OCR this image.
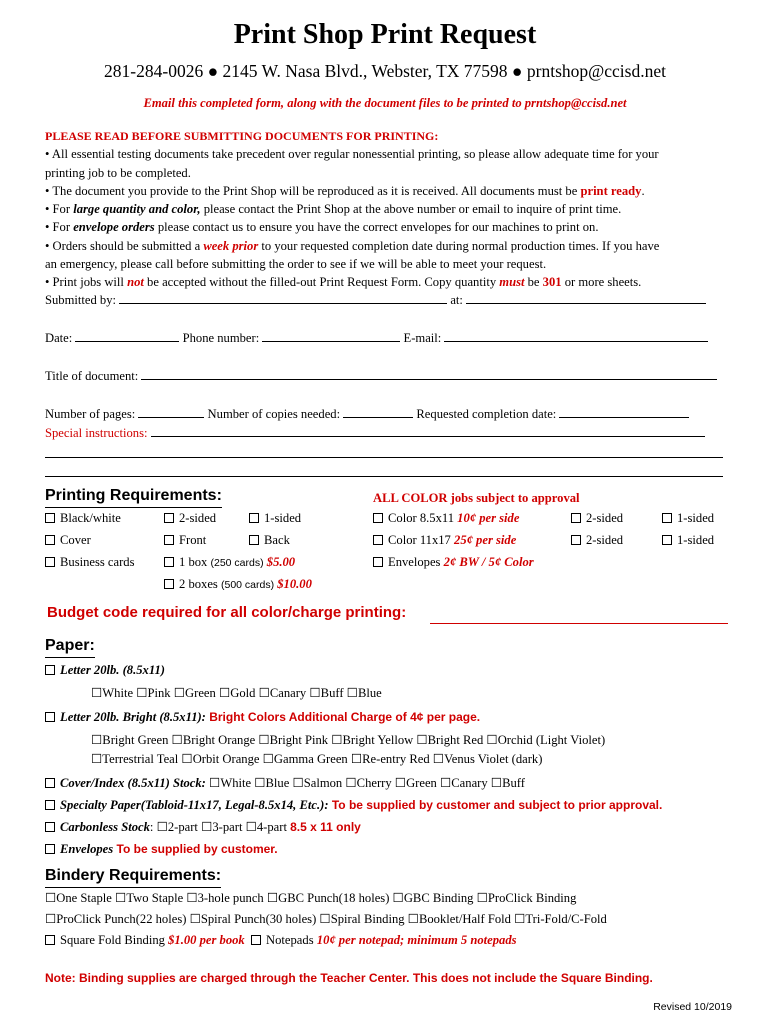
Print Shop Print Request
281-284-0026 ● 2145 W. Nasa Blvd., Webster, TX 77598 ● prntshop@ccisd.net
Email this completed form, along with the document files to be printed to prntshop@ccisd.net
PLEASE READ BEFORE SUBMITTING DOCUMENTS FOR PRINTING:
• All essential testing documents take precedent over regular nonessential printing, so please allow adequate time for your
printing job to be completed.
• The document you provide to the Print Shop will be reproduced as it is received. All documents must be print ready.
• For large quantity and color, please contact the Print Shop at the above number or email to inquire of print time.
• For envelope orders please contact us to ensure you have the correct envelopes for our machines to print on.
• Orders should be submitted a week prior to your requested completion date during normal production times. If you have
an emergency, please call before submitting the order to see if we will be able to meet your request.
• Print jobs will not be accepted without the filled-out Print Request Form. Copy quantity must be 301 or more sheets.
Submitted by:	at:
Date:	Phone number:	E-mail:
Title of document:
Number of pages:	Number of copies needed:	Requested completion date:
Special instructions:
Printing Requirements:	ALL COLOR jobs subject to approval
Black/white	2-sided	1-sided	Color 8.5x11 10¢ per side	2-sided	1-sided
Cover	Front	Back	Color 11x17 25¢ per side	2-sided	1-sided
Business cards	1 box (250 cards) $5.00	Envelopes 2¢ BW / 5¢ Color
2 boxes (500 cards) $10.00
Budget code required for all color/charge printing:
Paper:
Letter 20lb. (8.5x11)
☐White ☐Pink ☐Green ☐Gold ☐Canary ☐Buff ☐Blue
Letter 20lb. Bright (8.5x11): Bright Colors Additional Charge of 4¢ per page.
☐Bright Green ☐Bright Orange ☐Bright Pink ☐Bright Yellow ☐Bright Red ☐Orchid (Light Violet)
☐Terrestrial Teal ☐Orbit Orange ☐Gamma Green ☐Re-entry Red ☐Venus Violet (dark)
Cover/Index (8.5x11) Stock: ☐White ☐Blue ☐Salmon ☐Cherry ☐Green ☐Canary ☐Buff
Specialty Paper(Tabloid-11x17, Legal-8.5x14, Etc.): To be supplied by customer and subject to prior approval.
Carbonless Stock: ☐2-part ☐3-part ☐4-part 8.5 x 11 only
Envelopes To be supplied by customer.
Bindery Requirements:
☐One Staple ☐Two Staple ☐3-hole punch ☐GBC Punch(18 holes) ☐GBC Binding ☐ProClick Binding
☐ProClick Punch(22 holes) ☐Spiral Punch(30 holes) ☐Spiral Binding ☐Booklet/Half Fold ☐Tri-Fold/C-Fold
Square Fold Binding $1.00 per book Notepads 10¢ per notepad; minimum 5 notepads
Note: Binding supplies are charged through the Teacher Center. This does not include the Square Binding.
Revised 10/2019
